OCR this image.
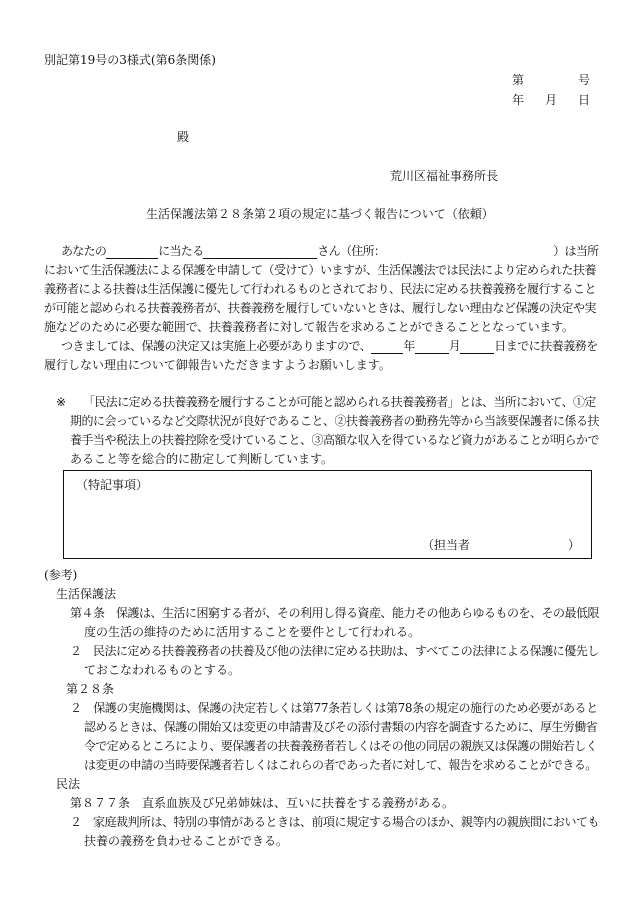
別記第19号の3様式(第6条関係)
第	号
年 月 日
殿
荒川区福祉事務所長
生活保護法第２８条第２項の規定に基づく報告について（依頼）
あなたの	に当たる	さん（住所：	）は当所
において生活保護法による保護を申請して（受けて）いますが、生活保護法では民法により定められた扶養
義務者による扶養は生活保護に優先して行われるものとされており、民法に定める扶養義務を履行すること
が可能と認められる扶養義務者が、扶養義務を履行していないときは、履行しない理由など保護の決定や実
施などのために必要な範囲で、扶養義務者に対して報告を求めることができることとなっています。
つきましては、保護の決定又は実施上必要がありますので、	年	月	日までに扶養義務を
履行しない理由について御報告いただきますようお願いします。
※ 「民法に定める扶養義務を履行することが可能と認められる扶養義務者」とは、当所において、①定
期的に会っているなど交際状況が良好であること、②扶養義務者の勤務先等から当該要保護者に係る扶
養手当や税法上の扶養控除を受けていること、③高額な収入を得ているなど資力があることが明らかで
あること等を総合的に勘定して判断しています。
（特記事項）
（担当者	）
(参考)
生活保護法
第４条　保護は、生活に困窮する者が、その利用し得る資産、能力その他あらゆるものを、その最低限
度の生活の維持のために活用することを要件として行われる。
２　民法に定める扶養義務者の扶養及び他の法律に定める扶助は、すべてこの法律による保護に優先し
ておこなわれるものとする。
第２８条
２　保護の実施機関は、保護の決定若しくは第77条若しくは第78条の規定の施行のため必要があると
認めるときは、保護の開始又は変更の申請書及びその添付書類の内容を調査するために、厚生労働省
令で定めるところにより、要保護者の扶養義務者若しくはその他の同居の親族又は保護の開始若しく
は変更の申請の当時要保護者若しくはこれらの者であった者に対して、報告を求めることができる。
民法
第８７７条　直系血族及び兄弟姉妹は、互いに扶養をする義務がある。
２　家庭裁判所は、特別の事情があるときは、前項に規定する場合のほか、親等内の親族間においても
扶養の義務を負わせることができる。
